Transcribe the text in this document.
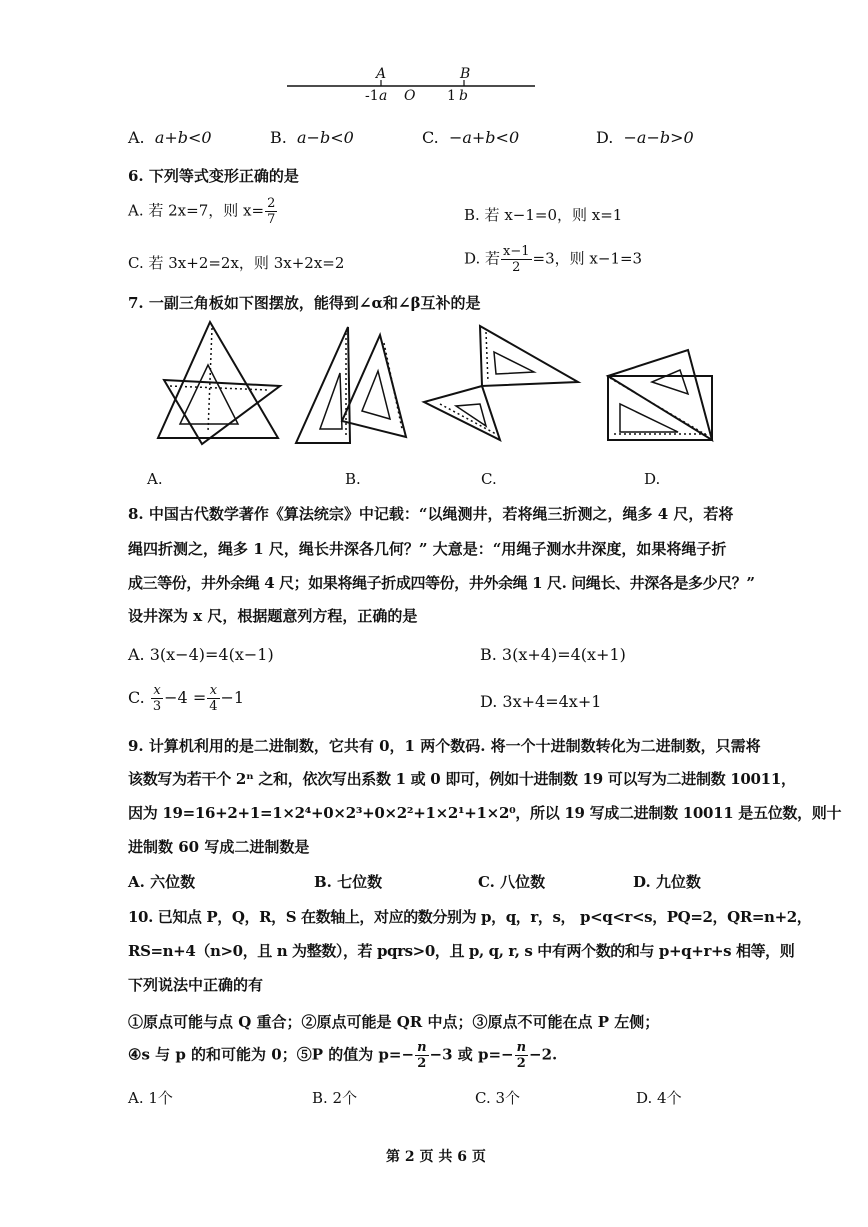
A	B
-1 a O 1 b
A. a+b<0	B. a−b<0	C. −a+b<0	D. −a−b>0
6. 下列等式变形正确的是
A. 若 2x=7，则 $x= \frac{2}{7}$	B. 若 x−1=0，则 x=1
C. 若 3x+2=2x，则 3x+2x=2	D. 若 $\frac{x-1}{2} =3$，则 x−1=3
7. 一副三角板如下图摆放，能得到∠α和∠β互补的是
A.	B.	C.	D.
8. 中国古代数学著作《算法统宗》中记载：“以绳测井，若将绳三折测之，绳多 4 尺，若将
绳四折测之，绳多 1 尺，绳长井深各几何？” 大意是：“用绳子测水井深度，如果将绳子折
成三等份，井外余绳 4 尺；如果将绳子折成四等份，井外余绳 1 尺. 问绳长、井深各是多少尺？”
设井深为 x 尺，根据题意列方程，正确的是
A. 3(x−4)=4(x−1)	B. 3(x+4)=4(x+1)
C. $\frac{x}{3} -4 = \frac{x}{4} -1$	D. 3x+4=4x+1
9. 计算机利用的是二进制数，它共有 0，1 两个数码. 将一个十进制数转化为二进制数，只需将
该数写为若干个 2ⁿ 之和，依次写出系数 1 或 0 即可，例如十进制数 19 可以写为二进制数 10011，
因为 19=16+2+1=1×2⁴+0×2³+0×2²+1×2¹+1×2⁰，所以 19 写成二进制数 10011 是五位数，则十
进制数 60 写成二进制数是
A. 六位数	B. 七位数	C. 八位数	D. 九位数
10. 已知点 P，Q，R，S 在数轴上，对应的数分别为 p，q，r，s， p<q<r<s，PQ=2，QR=n+2，
RS=n+4（n>0，且 n 为整数），若 pqrs>0，且 p, q, r, s 中有两个数的和与 p+q+r+s 相等，则
下列说法中正确的有
①原点可能与点 Q 重合；②原点可能是 QR 中点；③原点不可能在点 P 左侧；
④s 与 p 的和可能为 0；⑤P 的值为 $p=- \frac{n}{2} -3$ 或 $p=- \frac{n}{2} -2$.
A. 1个	B. 2个	C. 3个	D. 4个
第 2 页 共 6 页
